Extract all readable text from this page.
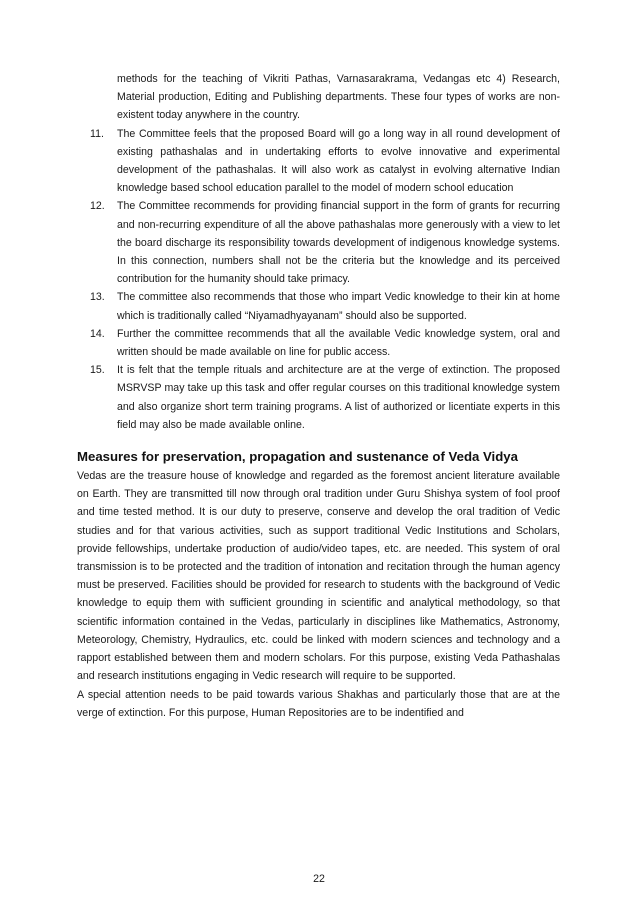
methods for the teaching of Vikriti Pathas, Varnasarakrama, Vedangas etc 4) Research, Material production, Editing and Publishing departments. These four types of works are non-existent today anywhere in the country.

11. The Committee feels that the proposed Board will go a long way in all round development of existing pathashalas and in undertaking efforts to evolve innovative and experimental development of the pathashalas. It will also work as catalyst in evolving alternative Indian knowledge based school education parallel to the model of modern school education

12. The Committee recommends for providing financial support in the form of grants for recurring and non-recurring expenditure of all the above pathashalas more generously with a view to let the board discharge its responsibility towards development of indigenous knowledge systems. In this connection, numbers shall not be the criteria but the knowledge and its perceived contribution for the humanity should take primacy.

13. The committee also recommends that those who impart Vedic knowledge to their kin at home which is traditionally called “Niyamadhyayanam” should also be supported.

14. Further the committee recommends that all the available Vedic knowledge system, oral and written should be made available on line for public access.

15. It is felt that the temple rituals and architecture are at the verge of extinction. The proposed MSRVSP may take up this task and offer regular courses on this traditional knowledge system and also organize short term training programs. A list of authorized or licentiate experts in this field may also be made available online.

Measures for preservation, propagation and sustenance of Veda Vidya

Vedas are the treasure house of knowledge and regarded as the foremost ancient literature available on Earth. They are transmitted till now through oral tradition under Guru Shishya system of fool proof and time tested method. It is our duty to preserve, conserve and develop the oral tradition of Vedic studies and for that various activities, such as support traditional Vedic Institutions and Scholars, provide fellowships, undertake production of audio/video tapes, etc. are needed. This system of oral transmission is to be protected and the tradition of intonation and recitation through the human agency must be preserved. Facilities should be provided for research to students with the background of Vedic knowledge to equip them with sufficient grounding in scientific and analytical methodology, so that scientific information contained in the Vedas, particularly in disciplines like Mathematics, Astronomy, Meteorology, Chemistry, Hydraulics, etc. could be linked with modern sciences and technology and a rapport established between them and modern scholars. For this purpose, existing Veda Pathashalas and research institutions engaging in Vedic research will require to be supported.

A special attention needs to be paid towards various Shakhas and particularly those that are at the verge of extinction. For this purpose, Human Repositories are to be indentified and

22
